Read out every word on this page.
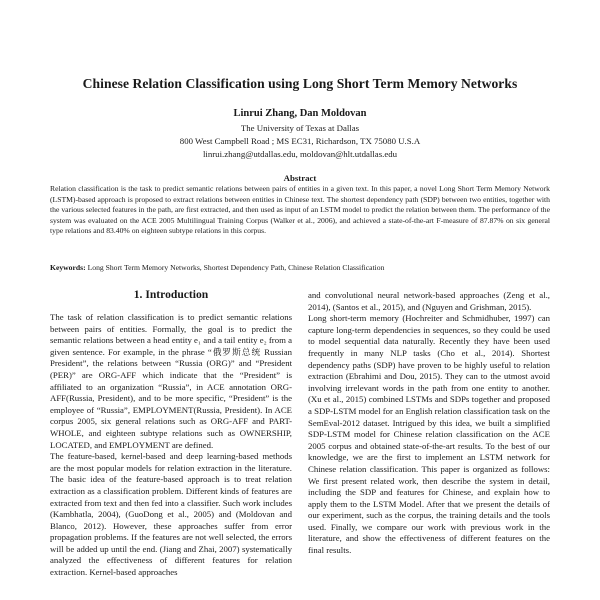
Chinese Relation Classification using Long Short Term Memory Networks
Linrui Zhang, Dan Moldovan
The University of Texas at Dallas
800 West Campbell Road ; MS EC31, Richardson, TX 75080 U.S.A
linrui.zhang@utdallas.edu, moldovan@hlt.utdallas.edu
Abstract
Relation classification is the task to predict semantic relations between pairs of entities in a given text. In this paper, a novel Long Short Term Memory Network (LSTM)-based approach is proposed to extract relations between entities in Chinese text. The shortest dependency path (SDP) between two entities, together with the various selected features in the path, are first extracted, and then used as input of an LSTM model to predict the relation between them. The performance of the system was evaluated on the ACE 2005 Multilingual Training Corpus (Walker et al., 2006), and achieved a state-of-the-art F-measure of 87.87% on six general type relations and 83.40% on eighteen subtype relations in this corpus.
Keywords: Long Short Term Memory Networks, Shortest Dependency Path, Chinese Relation Classification
1. Introduction

The task of relation classification is to predict semantic relations between pairs of entities. Formally, the goal is to predict the semantic relations between a head entity e₁ and a tail entity e₂ from a given sentence. For example, in the phrase “俄罗斯总统 Russian President”, the relations between “Russia (ORG)” and “President (PER)” are ORG-AFF which indicate that the “President” is affiliated to an organization “Russia”, in ACE annotation ORG-AFF(Russia, President), and to be more specific, “President” is the employee of “Russia”, EMPLOYMENT(Russia, President). In ACE corpus 2005, six general relations such as ORG-AFF and PART-WHOLE, and eighteen subtype relations such as OWNERSHIP, LOCATED, and EMPLOYMENT are defined.

The feature-based, kernel-based and deep learning-based methods are the most popular models for relation extraction in the literature. The basic idea of the feature-based approach is to treat relation extraction as a classification problem. Different kinds of features are extracted from text and then fed into a classifier. Such work includes (Kambhatla, 2004), (GuoDong et al., 2005) and (Moldovan and Blanco, 2012). However, these approaches suffer from error propagation problems. If the features are not well selected, the errors will be added up until the end. (Jiang and Zhai, 2007) systematically analyzed the effectiveness of different features for relation extraction. Kernel-based approaches

and convolutional neural network-based approaches (Zeng et al., 2014), (Santos et al., 2015), and (Nguyen and Grishman, 2015).

Long short-term memory (Hochreiter and Schmidhuber, 1997) can capture long-term dependencies in sequences, so they could be used to model sequential data naturally. Recently they have been used frequently in many NLP tasks (Cho et al., 2014). Shortest dependency paths (SDP) have proven to be highly useful to relation extraction (Ebrahimi and Dou, 2015). They can to the utmost avoid involving irrelevant words in the path from one entity to another. (Xu et al., 2015) combined LSTMs and SDPs together and proposed a SDP-LSTM model for an English relation classification task on the SemEval-2012 dataset. Intrigued by this idea, we built a simplified SDP-LSTM model for Chinese relation classification on the ACE 2005 corpus and obtained state-of-the-art results. To the best of our knowledge, we are the first to implement an LSTM network for Chinese relation classification. This paper is organized as follows: We first present related work, then describe the system in detail, including the SDP and features for Chinese, and explain how to apply them to the LSTM Model. After that we present the details of our experiment, such as the corpus, the training details and the tools used. Finally, we compare our work with previous work in the literature, and show the effectiveness of different features on the final results.
